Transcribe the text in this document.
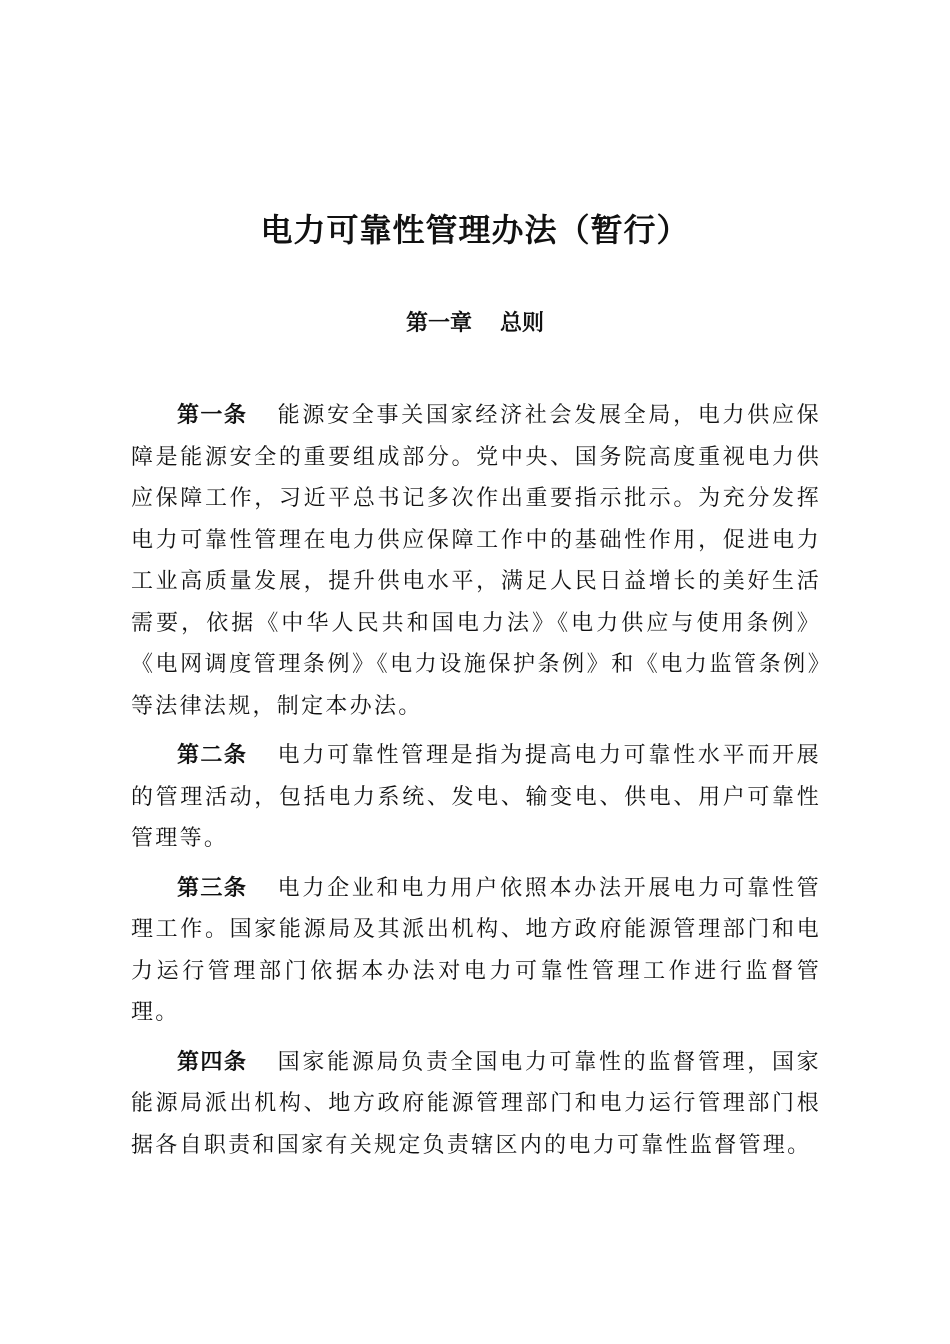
电力可靠性管理办法（暂行）
第一章 总则

第一条 能源安全事关国家经济社会发展全局，电力供应保障是能源安全的重要组成部分。党中央、国务院高度重视电力供应保障工作，习近平总书记多次作出重要指示批示。为充分发挥电力可靠性管理在电力供应保障工作中的基础性作用，促进电力工业高质量发展，提升供电水平，满足人民日益增长的美好生活需要，依据《中华人民共和国电力法》《电力供应与使用条例》《电网调度管理条例》《电力设施保护条例》和《电力监管条例》等法律法规，制定本办法。

第二条 电力可靠性管理是指为提高电力可靠性水平而开展的管理活动，包括电力系统、发电、输变电、供电、用户可靠性管理等。

第三条 电力企业和电力用户依照本办法开展电力可靠性管理工作。国家能源局及其派出机构、地方政府能源管理部门和电力运行管理部门依据本办法对电力可靠性管理工作进行监督管理。

第四条 国家能源局负责全国电力可靠性的监督管理，国家能源局派出机构、地方政府能源管理部门和电力运行管理部门根据各自职责和国家有关规定负责辖区内的电力可靠性监督管理。
